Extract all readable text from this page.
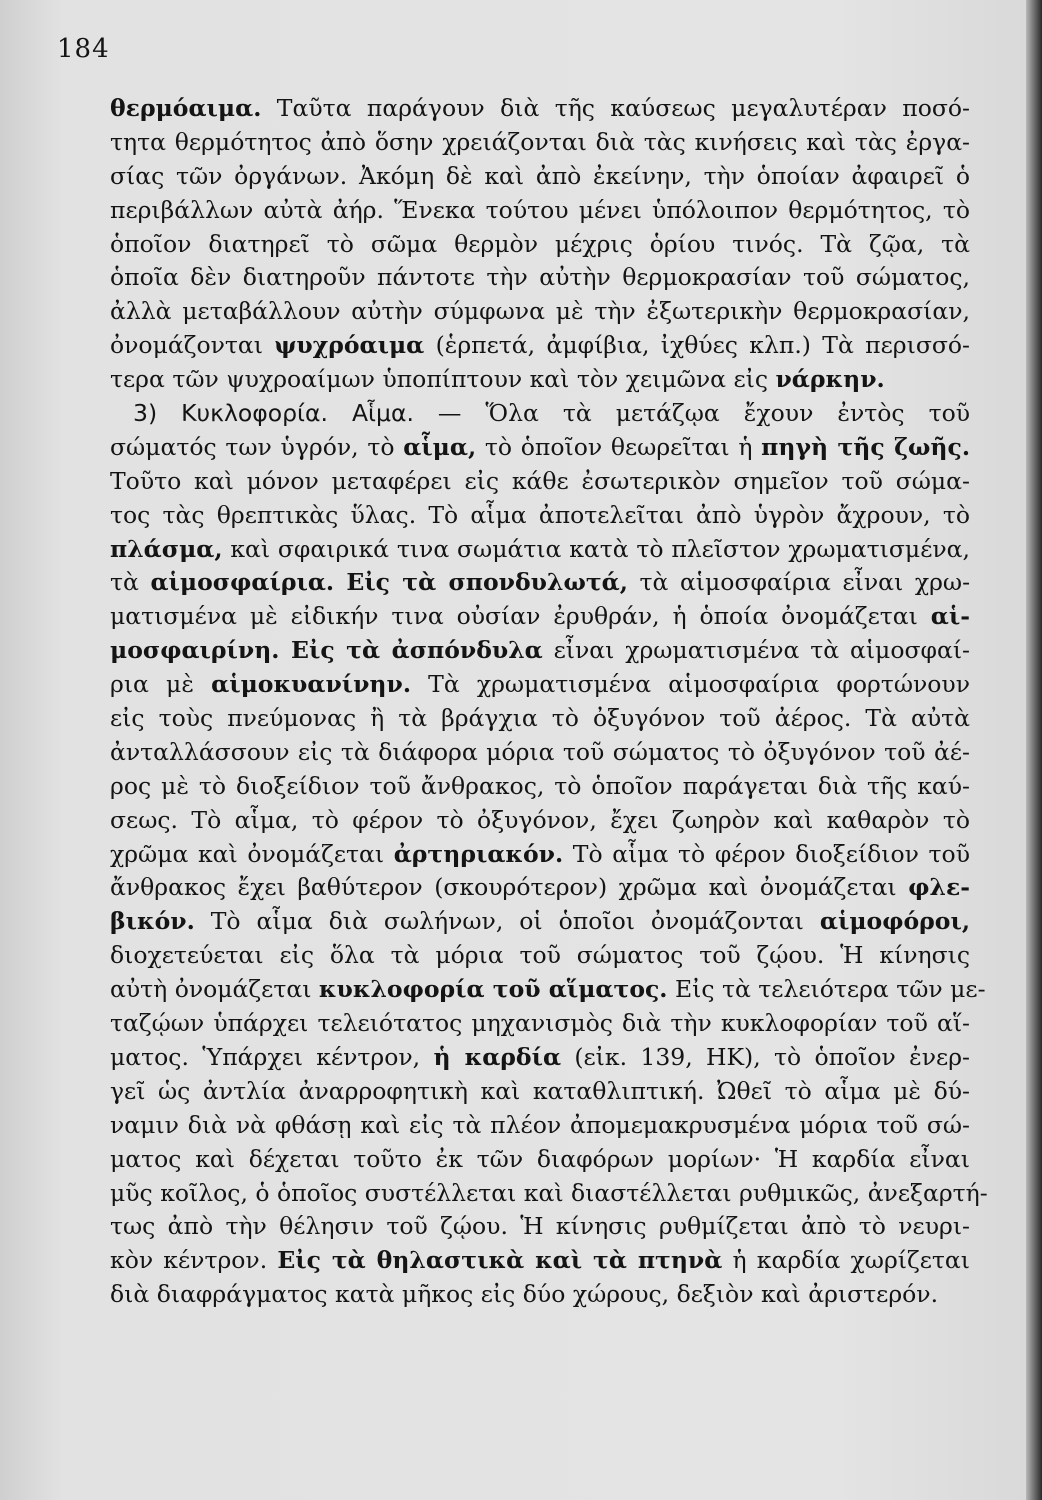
184
θερμόαιμα. Ταῦτα παράγουν διὰ τῆς καύσεως μεγαλυτέραν ποσό-
τητα θερμότητος ἀπὸ ὅσην χρειάζονται διὰ τὰς κινήσεις καὶ τὰς ἐργα-
σίας τῶν ὀργάνων. Ἀκόμη δὲ καὶ ἀπὸ ἐκείνην, τὴν ὁποίαν ἀφαιρεῖ ὁ
περιβάλλων αὐτὰ ἀήρ. Ἕνεκα τούτου μένει ὑπόλοιπον θερμότητος, τὸ
ὁποῖον διατηρεῖ τὸ σῶμα θερμὸν μέχρις ὁρίου τινός. Τὰ ζῷα, τὰ
ὁποῖα δὲν διατηροῦν πάντοτε τὴν αὐτὴν θερμοκρασίαν τοῦ σώματος,
ἀλλὰ μεταβάλλουν αὐτὴν σύμφωνα μὲ τὴν ἐξωτερικὴν θερμοκρασίαν,
ὀνομάζονται ψυχρόαιμα (ἑρπετά, ἀμφίβια, ἰχθύες κλπ.) Τὰ περισσό-
τερα τῶν ψυχροαίμων ὑποπίπτουν καὶ τὸν χειμῶνα εἰς νάρκην.
3) Κυκλοφορία. Αἷμα. — Ὅλα τὰ μετάζῳα ἔχουν ἐντὸς τοῦ
σώματός των ὑγρόν, τὸ αἷμα, τὸ ὁποῖον θεωρεῖται ἡ πηγὴ τῆς ζωῆς.
Τοῦτο καὶ μόνον μεταφέρει εἰς κάθε ἐσωτερικὸν σημεῖον τοῦ σώμα-
τος τὰς θρεπτικὰς ὕλας. Τὸ αἷμα ἀποτελεῖται ἀπὸ ὑγρὸν ἄχρουν, τὸ
πλάσμα, καὶ σφαιρικά τινα σωμάτια κατὰ τὸ πλεῖστον χρωματισμένα,
τὰ αἱμοσφαίρια. Εἰς τὰ σπονδυλωτά, τὰ αἱμοσφαίρια εἶναι χρω-
ματισμένα μὲ εἰδικήν τινα οὐσίαν ἐρυθράν, ἡ ὁποία ὀνομάζεται αἱ-
μοσφαιρίνη. Εἰς τὰ ἀσπόνδυλα εἶναι χρωματισμένα τὰ αἱμοσφαί-
ρια μὲ αἱμοκυανίνην. Τὰ χρωματισμένα αἱμοσφαίρια φορτώνουν
εἰς τοὺς πνεύμονας ἢ τὰ βράγχια τὸ ὀξυγόνον τοῦ ἀέρος. Τὰ αὐτὰ
ἀνταλλάσσουν εἰς τὰ διάφορα μόρια τοῦ σώματος τὸ ὀξυγόνον τοῦ ἀέ-
ρος μὲ τὸ διοξείδιον τοῦ ἄνθρακος, τὸ ὁποῖον παράγεται διὰ τῆς καύ-
σεως. Τὸ αἷμα, τὸ φέρον τὸ ὀξυγόνον, ἔχει ζωηρὸν καὶ καθαρὸν τὸ
χρῶμα καὶ ὀνομάζεται ἀρτηριακόν. Τὸ αἷμα τὸ φέρον διοξείδιον τοῦ
ἄνθρακος ἔχει βαθύτερον (σκουρότερον) χρῶμα καὶ ὀνομάζεται φλε-
βικόν. Τὸ αἷμα διὰ σωλήνων, οἱ ὁποῖοι ὀνομάζονται αἱμοφόροι,
διοχετεύεται εἰς ὅλα τὰ μόρια τοῦ σώματος τοῦ ζῴου. Ἡ κίνησις
αὐτὴ ὀνομάζεται κυκλοφορία τοῦ αἵματος. Εἰς τὰ τελειότερα τῶν με-
ταζῴων ὑπάρχει τελειότατος μηχανισμὸς διὰ τὴν κυκλοφορίαν τοῦ αἵ-
ματος. Ὑπάρχει κέντρον, ἡ καρδία (εἰκ. 139, ΗΚ), τὸ ὁποῖον ἐνερ-
γεῖ ὡς ἀντλία ἀναρροφητικὴ καὶ καταθλιπτική. Ὠθεῖ τὸ αἷμα μὲ δύ-
ναμιν διὰ νὰ φθάσῃ καὶ εἰς τὰ πλέον ἀπομεμακρυσμένα μόρια τοῦ σώ-
ματος καὶ δέχεται τοῦτο ἐκ τῶν διαφόρων μορίων· Ἡ καρδία εἶναι
μῦς κοῖλος, ὁ ὁποῖος συστέλλεται καὶ διαστέλλεται ρυθμικῶς, ἀνεξαρτή-
τως ἀπὸ τὴν θέλησιν τοῦ ζῴου. Ἡ κίνησις ρυθμίζεται ἀπὸ τὸ νευρι-
κὸν κέντρον. Εἰς τὰ θηλαστικὰ καὶ τὰ πτηνὰ ἡ καρδία χωρίζεται
διὰ διαφράγματος κατὰ μῆκος εἰς δύο χώρους, δεξιὸν καὶ ἀριστερόν.
